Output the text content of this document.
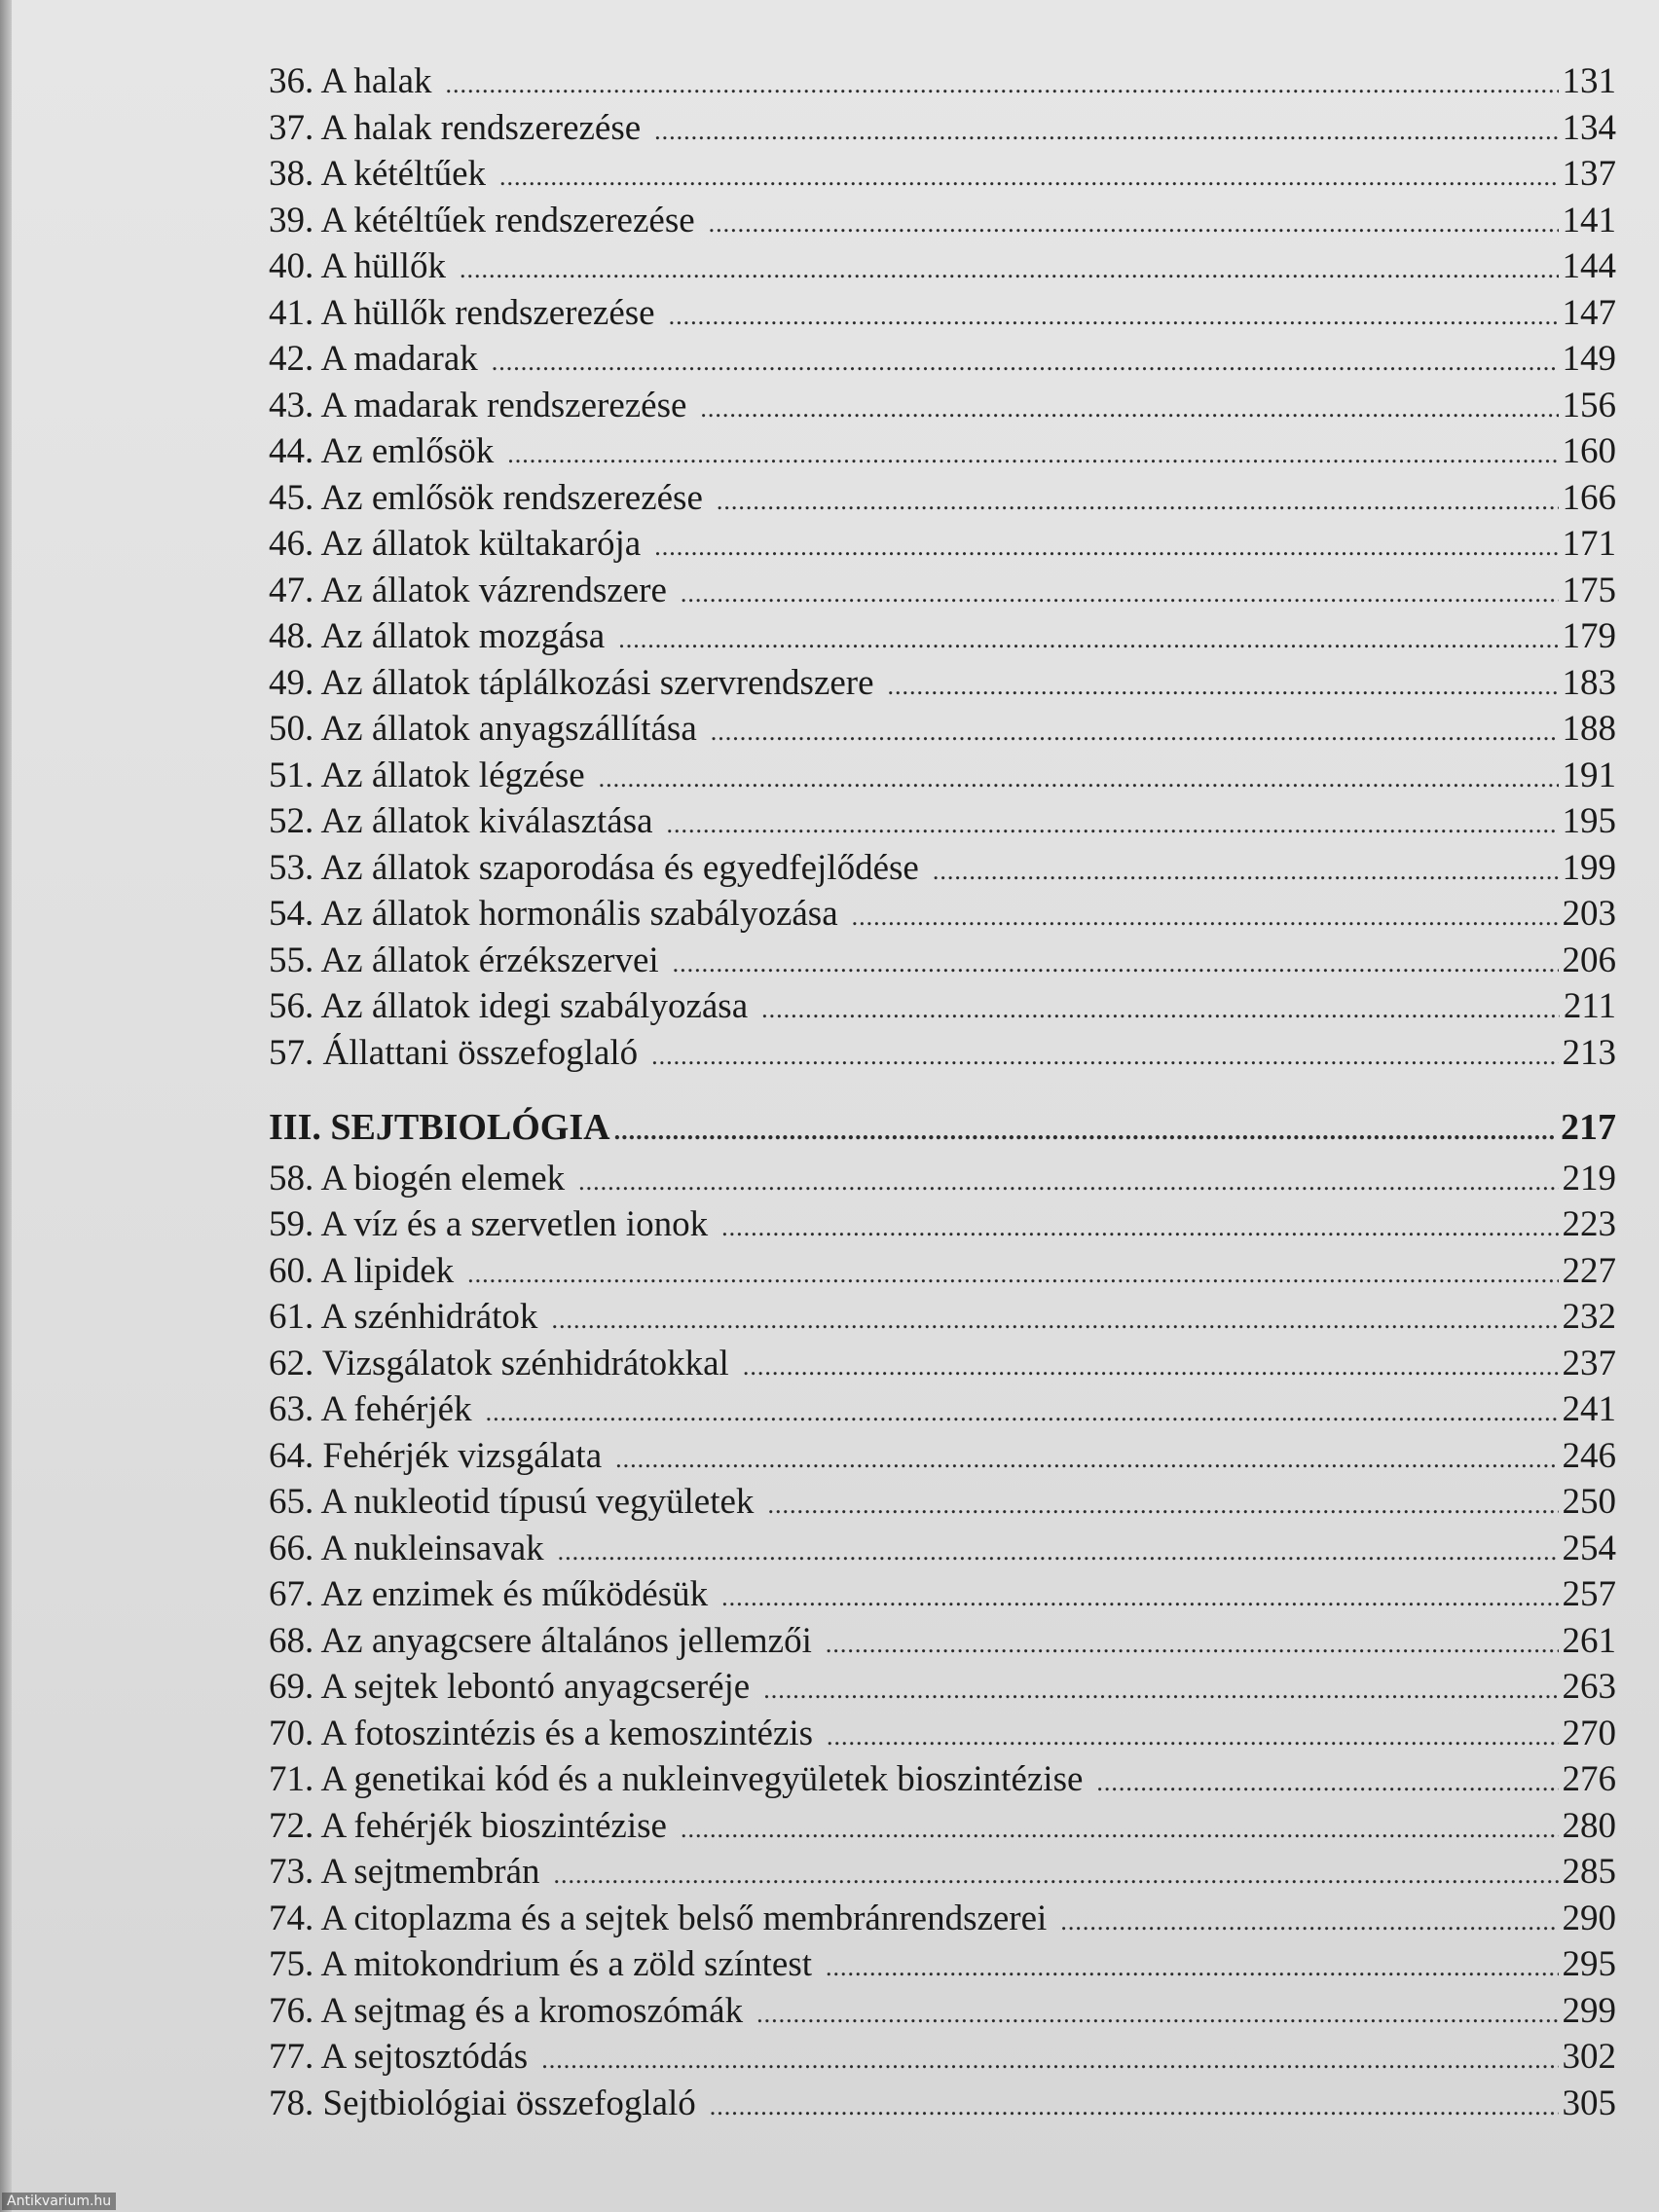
36. A halak .....	131
37. A halak rendszerezése .....	134
38. A kétéltűek .....	137
39. A kétéltűek rendszerezése .....	141
40. A hüllők .....	144
41. A hüllők rendszerezése .....	147
42. A madarak .....	149
43. A madarak rendszerezése .....	156
44. Az emlősök .....	160
45. Az emlősök rendszerezése .....	166
46. Az állatok kültakarója .....	171
47. Az állatok vázrendszere .....	175
48. Az állatok mozgása .....	179
49. Az állatok táplálkozási szervrendszere .....	183
50. Az állatok anyagszállítása .....	188
51. Az állatok légzése .....	191
52. Az állatok kiválasztása .....	195
53. Az állatok szaporodása és egyedfejlődése .....	199
54. Az állatok hormonális szabályozása .....	203
55. Az állatok érzékszervei .....	206
56. Az állatok idegi szabályozása .....	211
57. Állattani összefoglaló .....	213
III. SEJTBIOLÓGIA .....	217
58. A biogén elemek .....	219
59. A víz és a szervetlen ionok .....	223
60. A lipidek .....	227
61. A szénhidrátok .....	232
62. Vizsgálatok szénhidrátokkal .....	237
63. A fehérjék .....	241
64. Fehérjék vizsgálata .....	246
65. A nukleotid típusú vegyületek .....	250
66. A nukleinsavak .....	254
67. Az enzimek és működésük .....	257
68. Az anyagcsere általános jellemzői .....	261
69. A sejtek lebontó anyagcseréje .....	263
70. A fotoszintézis és a kemoszintézis .....	270
71. A genetikai kód és a nukleinvegyületek bioszintézise .....	276
72. A fehérjék bioszintézise .....	280
73. A sejtmembrán .....	285
74. A citoplazma és a sejtek belső membránrendszerei .....	290
75. A mitokondrium és a zöld színtest .....	295
76. A sejtmag és a kromoszómák .....	299
77. A sejtosztódás .....	302
78. Sejtbiológiai összefoglaló .....	305
Antikvarium.hu
